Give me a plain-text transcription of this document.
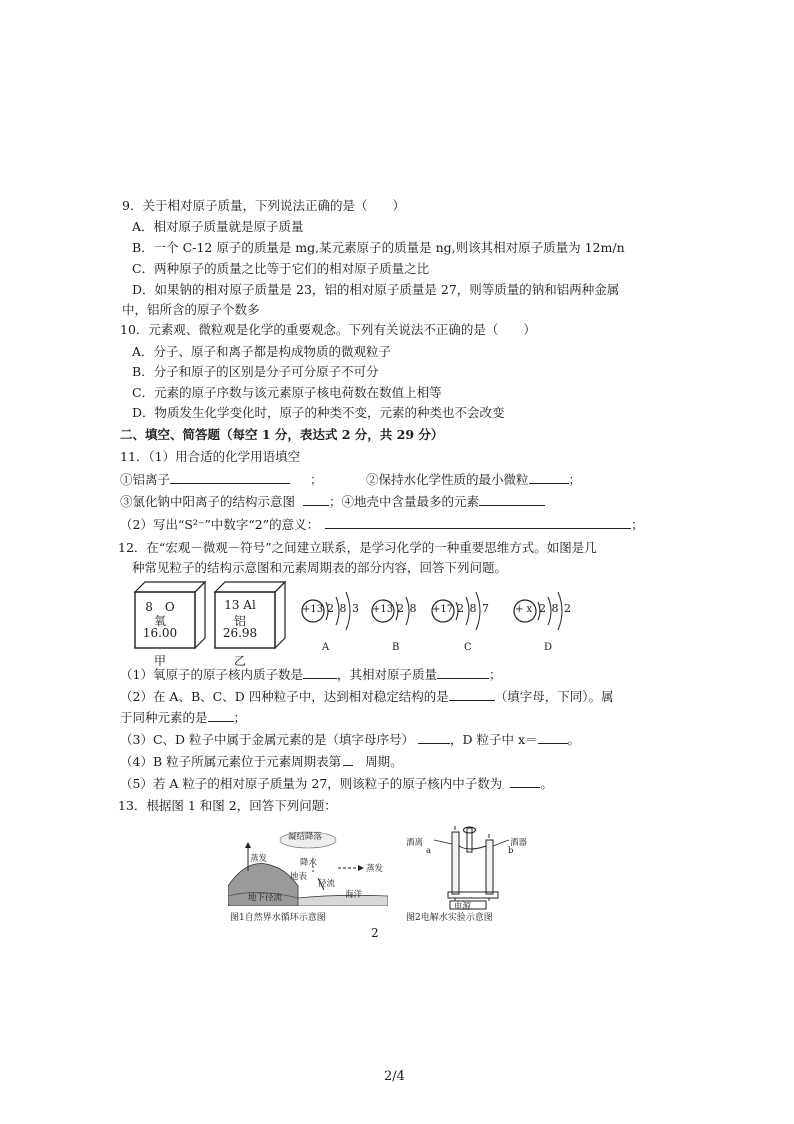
9．关于相对原子质量，下列说法正确的是（　　）
A．相对原子质量就是原子质量
B．一个 C-12 原子的质量是 mg,某元素原子的质量是 ng,则该其相对原子质量为 12m/n
C．两种原子的质量之比等于它们的相对原子质量之比
D．如果钠的相对原子质量是 23，铝的相对原子质量是 27，则等质量的钠和铝两种金属
中，铝所含的原子个数多
10．元素观、微粒观是化学的重要观念。下列有关说法不正确的是（　　）
A．分子、原子和离子都是构成物质的微观粒子
B．分子和原子的区别是分子可分原子不可分
C．元素的原子序数与该元素原子核电荷数在数值上相等
D．物质发生化学变化时，原子的种类不变，元素的种类也不会改变
二、填空、简答题（每空 1 分，表达式 2 分，共 29 分）
11．（1）用合适的化学用语填空
①铝离子	；	②保持水化学性质的最小微粒	；
③氯化钠中阳离子的结构示意图	；④地壳中含量最多的元素
（2）写出“S²⁻”中数字“2”的意义：	；
12．在“宏观－微观－符号”之间建立联系，是学习化学的一种重要思维方式。如图是几
种常见粒子的结构示意图和元素周期表的部分内容，回答下列问题。
8　O
氧
16.00
甲
13 Al
铝
26.98
乙
+13 2 8 3
A
+13 2 8
B
+17 2 8 7
C
+ x 2 8 2
D
（1）氧原子的原子核内质子数是	，其相对原子质量	；
（2）在 A、B、C、D 四种粒子中，达到相对稳定结构的是	（填字母，下同）。属
于同种元素的是 ；
（3）C、D 粒子中属于金属元素的是（填字母序号）	，D 粒子中 x＝ 。
（4）B 粒子所属元素位于元素周期表第 周期。
（5）若 A 粒子的相对原子质量为 27，则该粒子的原子核内中子数为	。
13．根据图 1 和图 2，回答下列问题：
凝结降落
蒸发	降水
蒸发
地表
径流
海洋
地下径流
图1自然界水循环示意图
酒离	酒器
a	b
电源
图2电解水实验示意图
2
2/4
